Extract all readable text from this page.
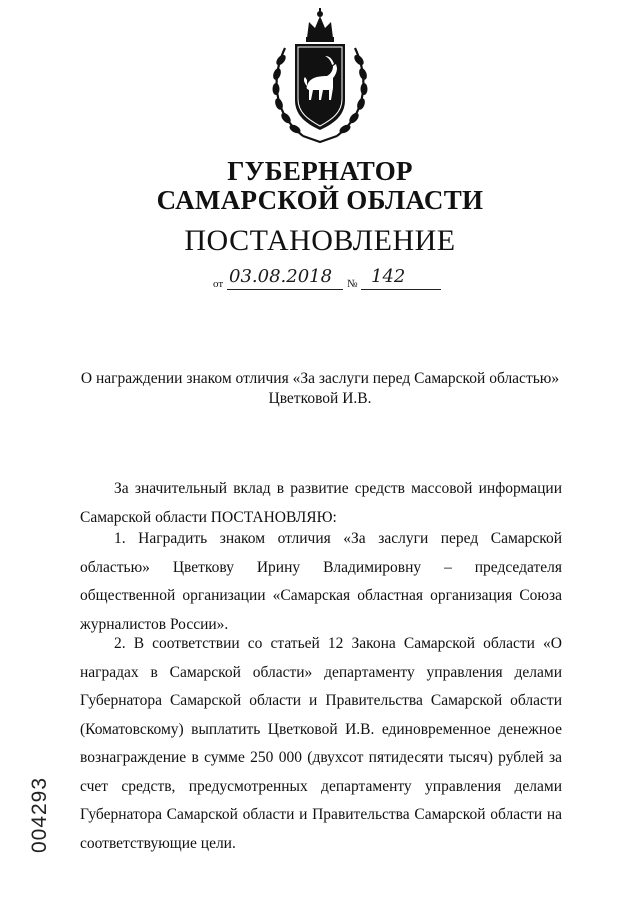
ГУБЕРНАТОР
САМАРСКОЙ ОБЛАСТИ
ПОСТАНОВЛЕНИЕ
от 03.08.2018 № 142
О награждении знаком отличия «За заслуги перед Самарской областью»
Цветковой И.В.

За значительный вклад в развитие средств массовой информации Самарской области ПОСТАНОВЛЯЮ:

1. Наградить знаком отличия «За заслуги перед Самарской областью» Цветкову Ирину Владимировну – председателя общественной организации «Самарская областная организация Союза журналистов России».

2. В соответствии со статьей 12 Закона Самарской области «О наградах в Самарской области» департаменту управления делами Губернатора Самарской области и Правительства Самарской области (Коматовскому) выплатить Цветковой И.В. единовременное денежное вознаграждение в сумме 250 000 (двухсот пятидесяти тысяч) рублей за счет средств, предусмотренных департаменту управления делами Губернатора Самарской области и Правительства Самарской области на соответствующие цели.

004293
